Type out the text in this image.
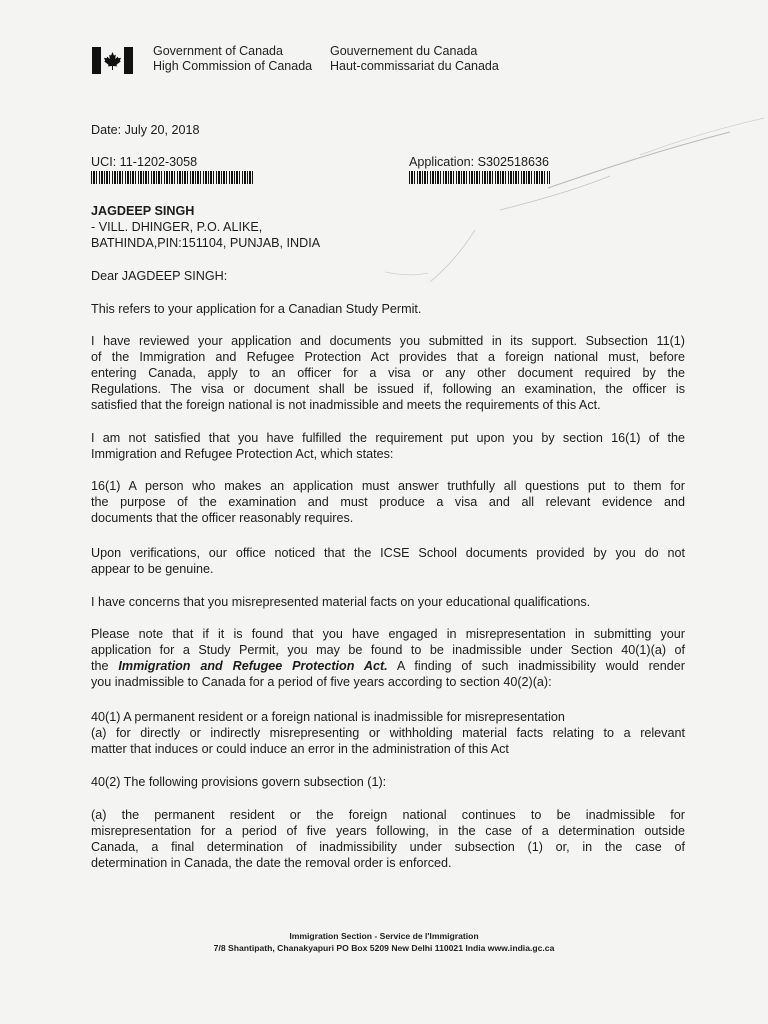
Government of Canada
High Commission of Canada
Gouvernement du Canada
Haut-commissariat du Canada
Date: July 20, 2018
UCI: 11-1202-3058	Application: S302518636
JAGDEEP SINGH
- VILL. DHINGER, P.O. ALIKE,
BATHINDA,PIN:151104, PUNJAB, INDIA
Dear JAGDEEP SINGH:
This refers to your application for a Canadian Study Permit.
I have reviewed your application and documents you submitted in its support. Subsection 11(1)
of the Immigration and Refugee Protection Act provides that a foreign national must, before
entering Canada, apply to an officer for a visa or any other document required by the
Regulations. The visa or document shall be issued if, following an examination, the officer is
satisfied that the foreign national is not inadmissible and meets the requirements of this Act.
I am not satisfied that you have fulfilled the requirement put upon you by section 16(1) of the
Immigration and Refugee Protection Act, which states:
16(1) A person who makes an application must answer truthfully all questions put to them for
the purpose of the examination and must produce a visa and all relevant evidence and
documents that the officer reasonably requires.
Upon verifications, our office noticed that the ICSE School documents provided by you do not
appear to be genuine.
I have concerns that you misrepresented material facts on your educational qualifications.
Please note that if it is found that you have engaged in misrepresentation in submitting your
application for a Study Permit, you may be found to be inadmissible under Section 40(1)(a) of
the Immigration and Refugee Protection Act. A finding of such inadmissibility would render
you inadmissible to Canada for a period of five years according to section 40(2)(a):
40(1) A permanent resident or a foreign national is inadmissible for misrepresentation
(a) for directly or indirectly misrepresenting or withholding material facts relating to a relevant
matter that induces or could induce an error in the administration of this Act
40(2) The following provisions govern subsection (1):
(a) the permanent resident or the foreign national continues to be inadmissible for
misrepresentation for a period of five years following, in the case of a determination outside
Canada, a final determination of inadmissibility under subsection (1) or, in the case of
determination in Canada, the date the removal order is enforced.
Immigration Section - Service de l'Immigration
7/8 Shantipath, Chanakyapuri PO Box 5209 New Delhi 110021 India www.india.gc.ca
